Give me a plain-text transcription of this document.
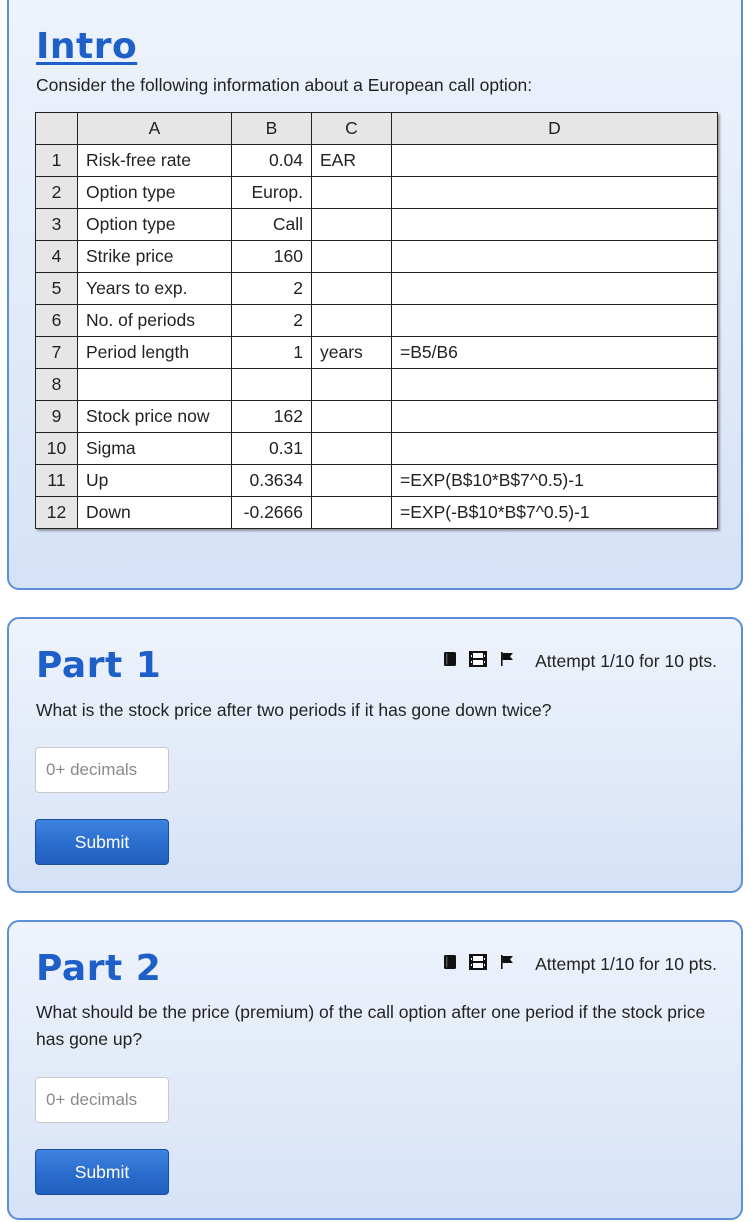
Intro
Consider the following information about a European call option:
	A	B	C	D
1	Risk-free rate	0.04	EAR	
2	Option type	Europ.		
3	Option type	Call		
4	Strike price	160		
5	Years to exp.	2		
6	No. of periods	2		
7	Period length	1	years	=B5/B6
8				
9	Stock price now	162		
10	Sigma	0.31		
11	Up	0.3634		=EXP(B$10*B$7^0.5)-1
12	Down	-0.2666		=EXP(-B$10*B$7^0.5)-1
Part 1	Attempt 1/10 for 10 pts.
What is the stock price after two periods if it has gone down twice?
0+ decimals
Submit
Part 2	Attempt 1/10 for 10 pts.
What should be the price (premium) of the call option after one period if the stock price has gone up?
0+ decimals
Submit
